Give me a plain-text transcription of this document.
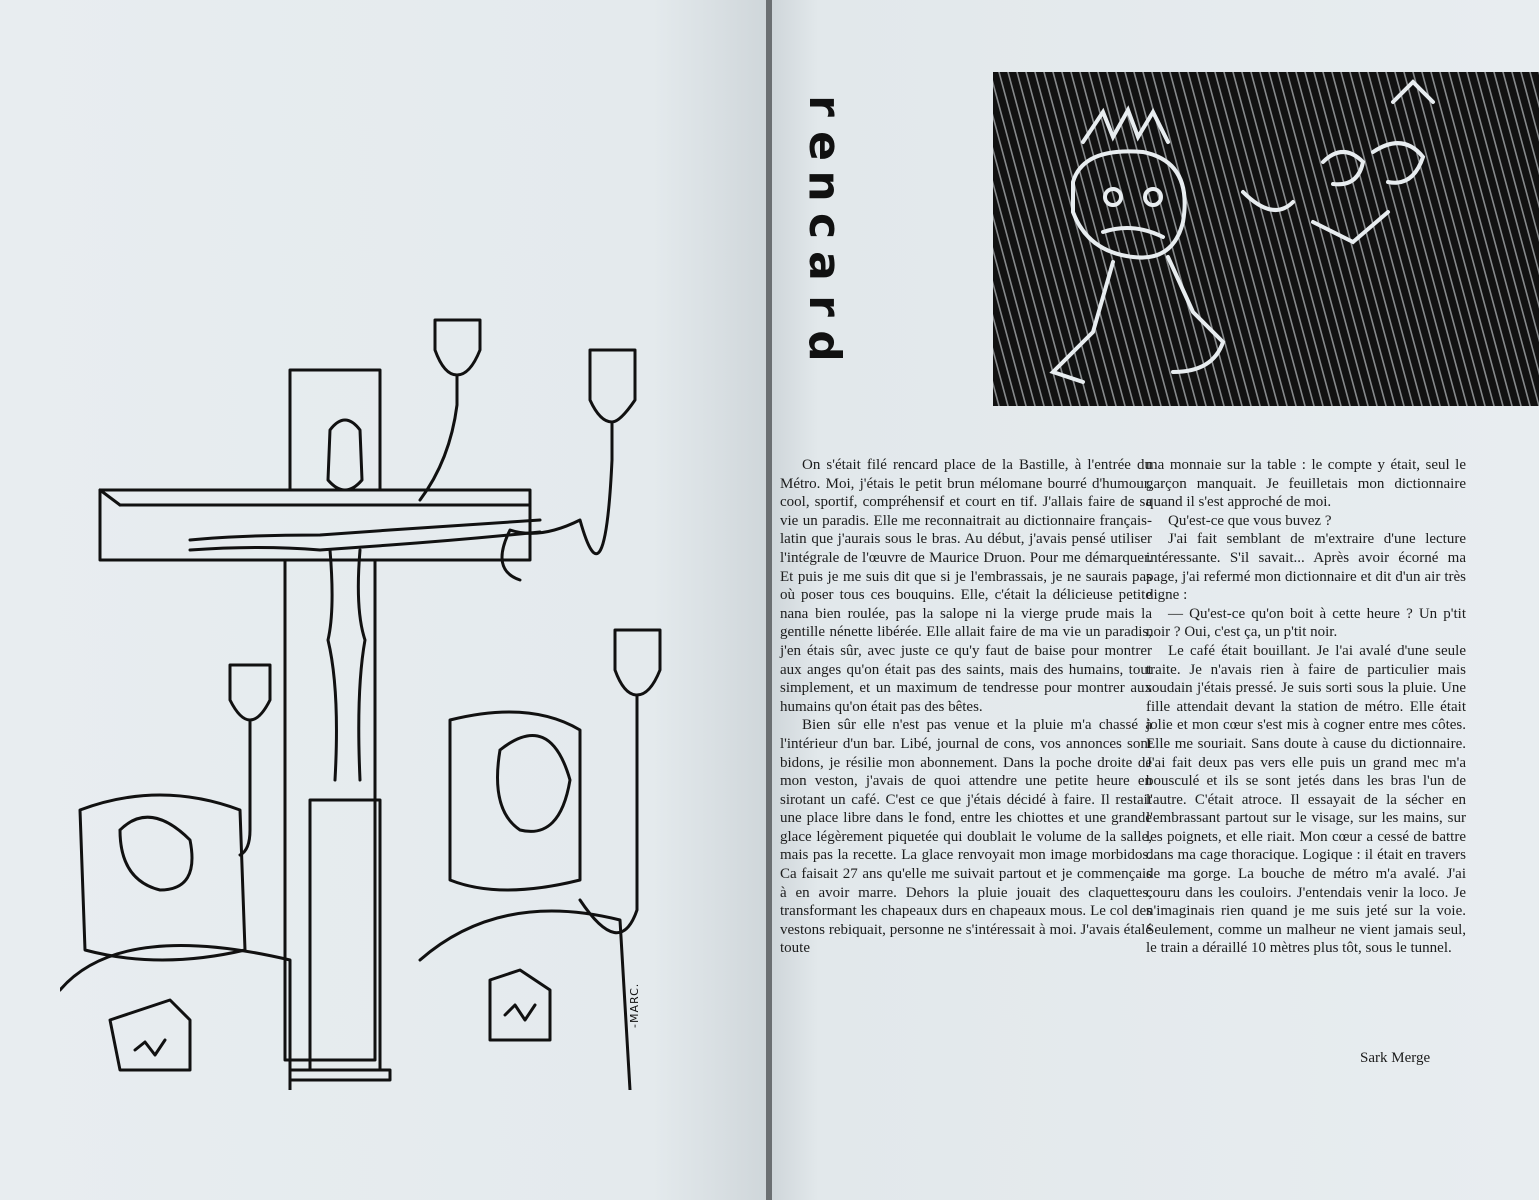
-MARC.
r
e
n
c
a
r
d

On s'était filé rencard place de la Bastille, à l'entrée du Métro. Moi, j'étais le petit brun mélomane bourré d'humour, cool, sportif, compréhensif et court en tif. J'allais faire de sa vie un paradis. Elle me reconnaitrait au dictionnaire français-latin que j'aurais sous le bras. Au début, j'avais pensé utiliser l'intégrale de l'œuvre de Maurice Druon. Pour me démarquer. Et puis je me suis dit que si je l'embrassais, je ne saurais pas où poser tous ces bouquins. Elle, c'était la délicieuse petite nana bien roulée, pas la salope ni la vierge prude mais la gentille nénette libérée. Elle allait faire de ma vie un paradis, j'en étais sûr, avec juste ce qu'y faut de baise pour montrer aux anges qu'on était pas des saints, mais des humains, tout simplement, et un maximum de tendresse pour montrer aux humains qu'on était pas des bêtes.

Bien sûr elle n'est pas venue et la pluie m'a chassé à l'intérieur d'un bar. Libé, journal de cons, vos annonces sont bidons, je résilie mon abonnement. Dans la poche droite de mon veston, j'avais de quoi attendre une petite heure en sirotant un café. C'est ce que j'étais décidé à faire. Il restait une place libre dans le fond, entre les chiottes et une grande glace légèrement piquetée qui doublait le volume de la salle, mais pas la recette. La glace renvoyait mon image morbidos. Ca faisait 27 ans qu'elle me suivait partout et je commençais à en avoir marre. Dehors la pluie jouait des claquettes, transformant les chapeaux durs en chapeaux mous. Le col des vestons rebiquait, personne ne s'intéressait à moi. J'avais étalé toute

ma monnaie sur la table : le compte y était, seul le garçon manquait. Je feuilletais mon dictionnaire quand il s'est approché de moi.

Qu'est-ce que vous buvez ?

J'ai fait semblant de m'extraire d'une lecture intéressante. S'il savait... Après avoir écorné ma page, j'ai refermé mon dictionnaire et dit d'un air très digne :

— Qu'est-ce qu'on boit à cette heure ? Un p'tit noir ? Oui, c'est ça, un p'tit noir.

Le café était bouillant. Je l'ai avalé d'une seule traite. Je n'avais rien à faire de particulier mais soudain j'étais pressé. Je suis sorti sous la pluie. Une fille attendait devant la station de métro. Elle était jolie et mon cœur s'est mis à cogner entre mes côtes. Elle me souriait. Sans doute à cause du dictionnaire. J'ai fait deux pas vers elle puis un grand mec m'a bousculé et ils se sont jetés dans les bras l'un de l'autre. C'était atroce. Il essayait de la sécher en l'embrassant partout sur le visage, sur les mains, sur les poignets, et elle riait. Mon cœur a cessé de battre dans ma cage thoracique. Logique : il était en travers de ma gorge. La bouche de métro m'a avalé. J'ai couru dans les couloirs. J'entendais venir la loco. Je n'imaginais rien quand je me suis jeté sur la voie. Seulement, comme un malheur ne vient jamais seul, le train a déraillé 10 mètres plus tôt, sous le tunnel.

Sark Merge
